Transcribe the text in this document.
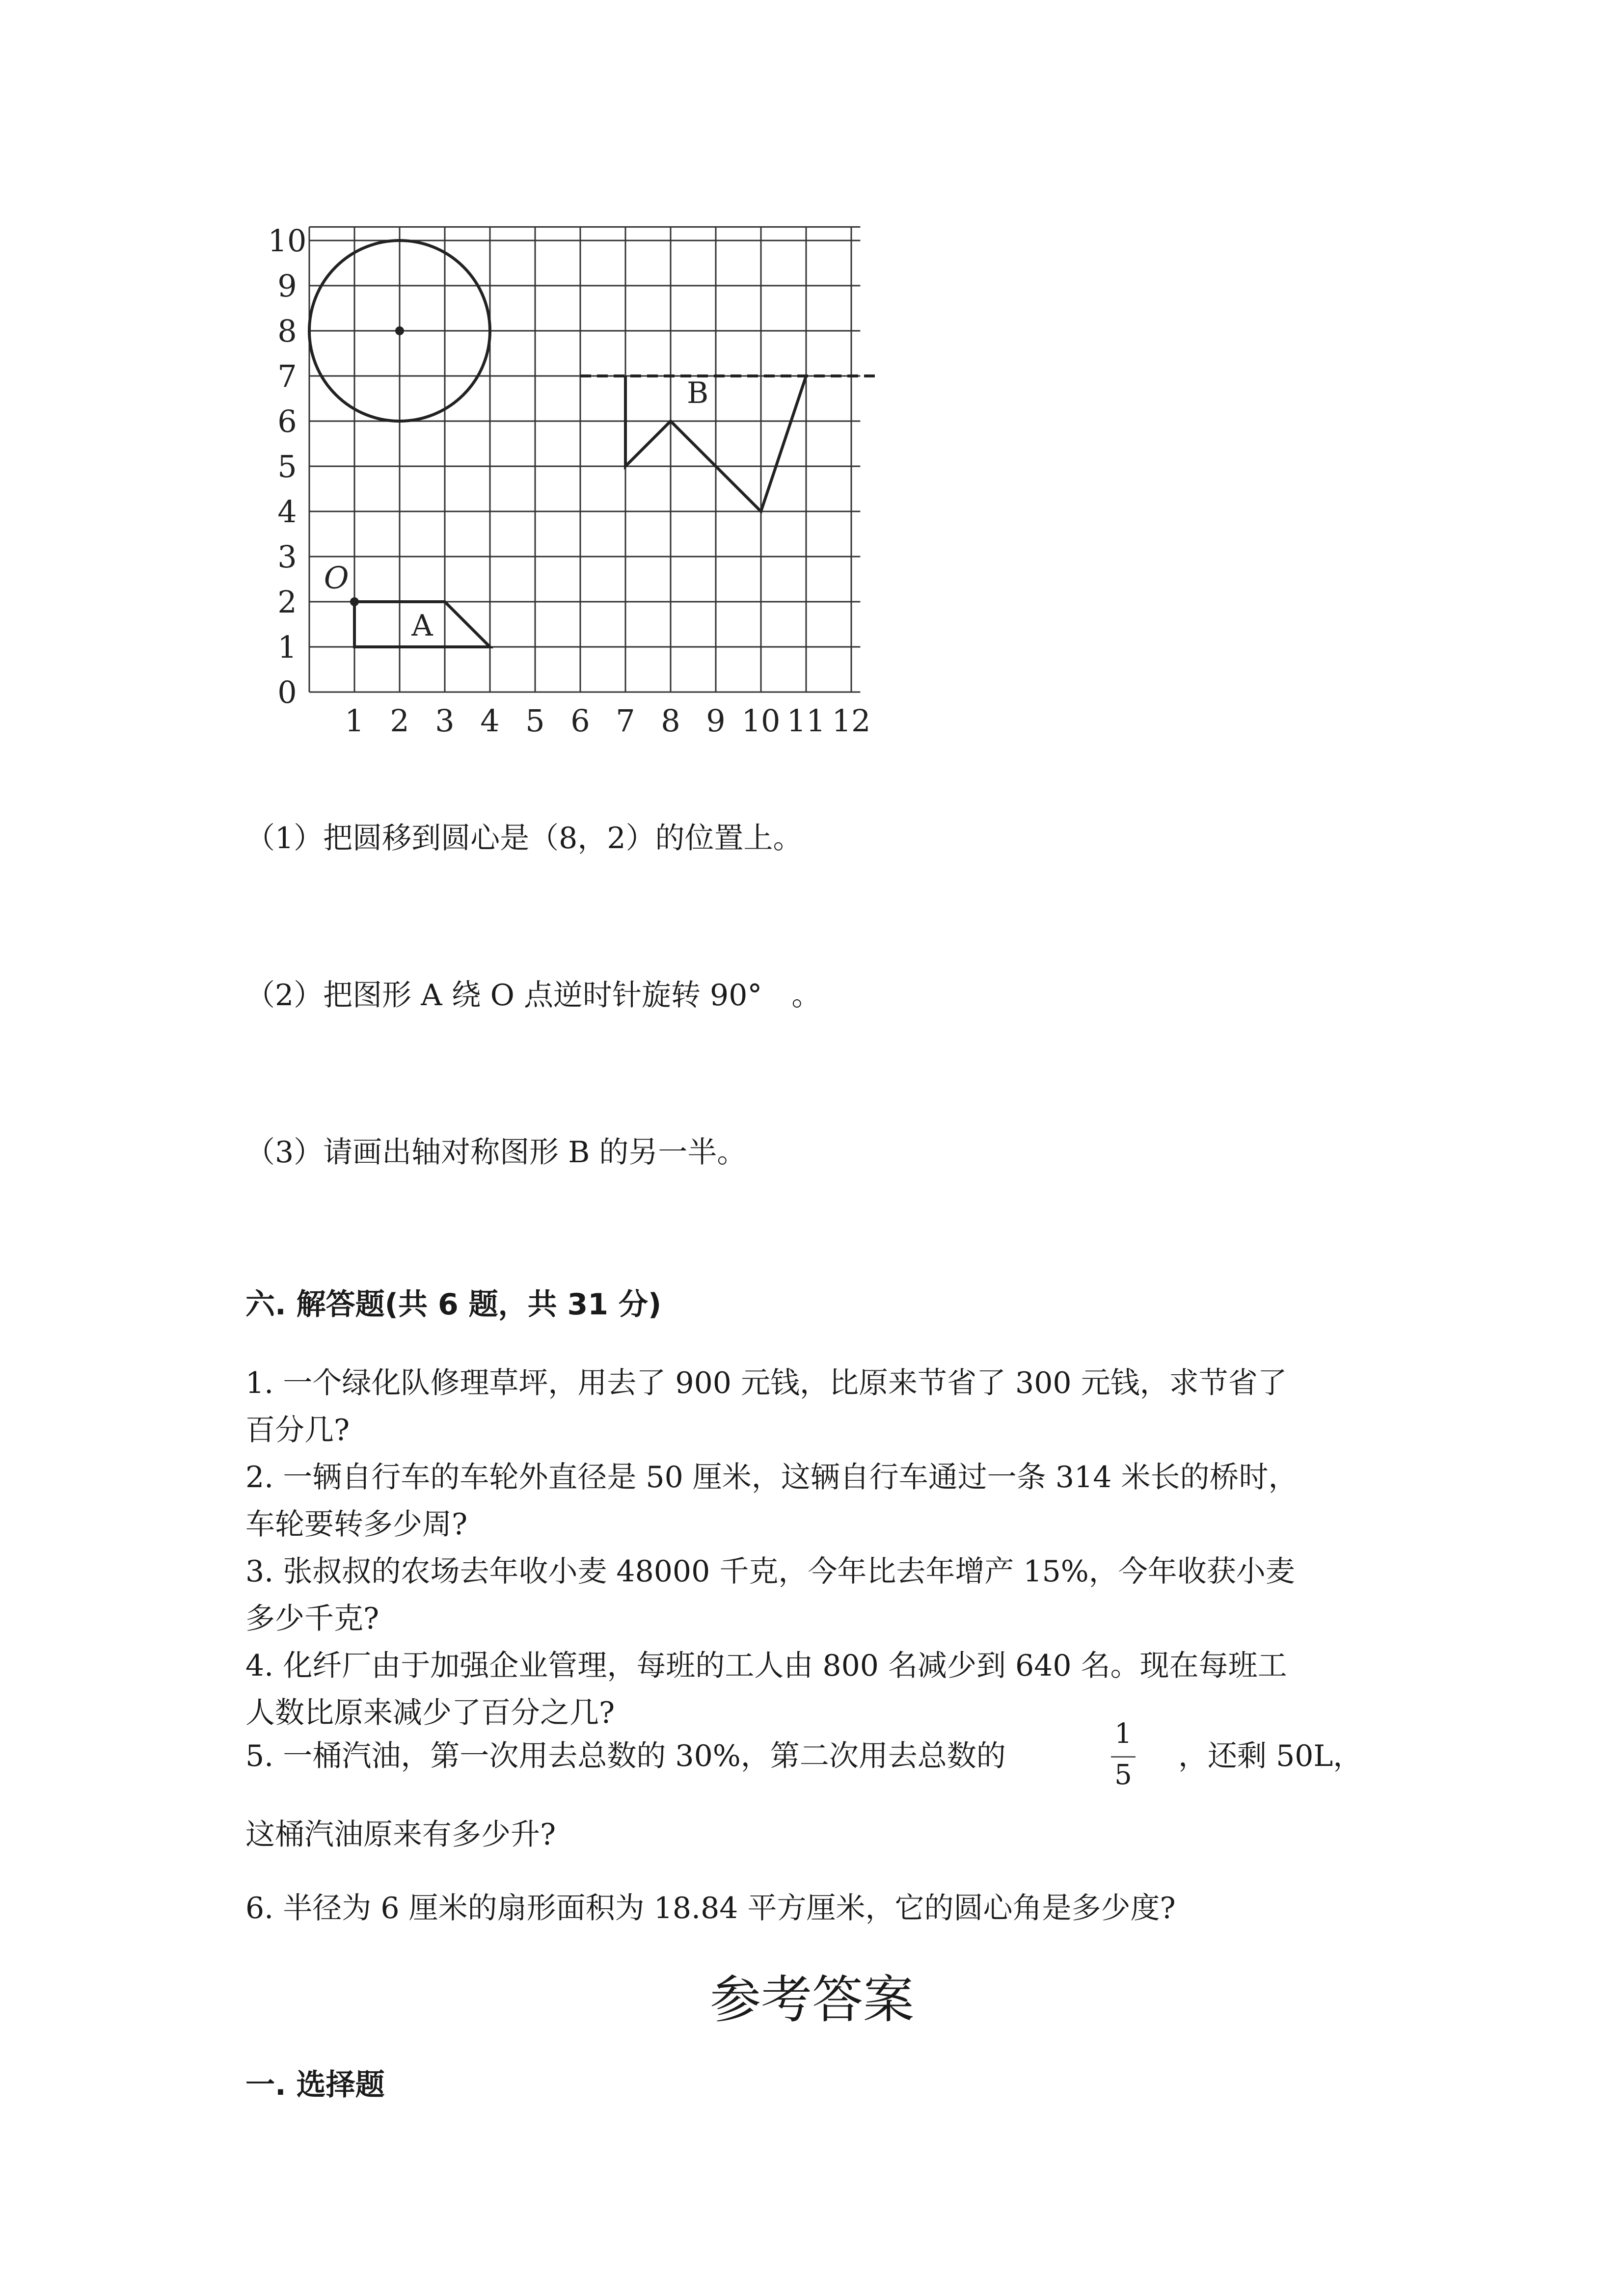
0
1
2
3
4
5
6
7
8
9
10
1 2 3 4 5 6 7 8 9 10 11 12
O
A
B
（1）把圆移到圆心是（8，2）的位置上。
（2）把图形 A 绕 O 点逆时针旋转 90°　。
（3）请画出轴对称图形 B 的另一半。
六. 解答题(共 6 题，共 31 分)
1. 一个绿化队修理草坪，用去了 900 元钱，比原来节省了 300 元钱，求节省了
百分几?
2. 一辆自行车的车轮外直径是 50 厘米，这辆自行车通过一条 314 米长的桥时，
车轮要转多少周?
3. 张叔叔的农场去年收小麦 48000 千克，今年比去年增产 15%，今年收获小麦
多少千克?
4. 化纤厂由于加强企业管理，每班的工人由 800 名减少到 640 名。现在每班工
人数比原来减少了百分之几?
5. 一桶汽油，第一次用去总数的 30%，第二次用去总数的
1
5
，还剩 50L，
这桶汽油原来有多少升?
6. 半径为 6 厘米的扇形面积为 18.84 平方厘米，它的圆心角是多少度?
参考答案
一. 选择题
